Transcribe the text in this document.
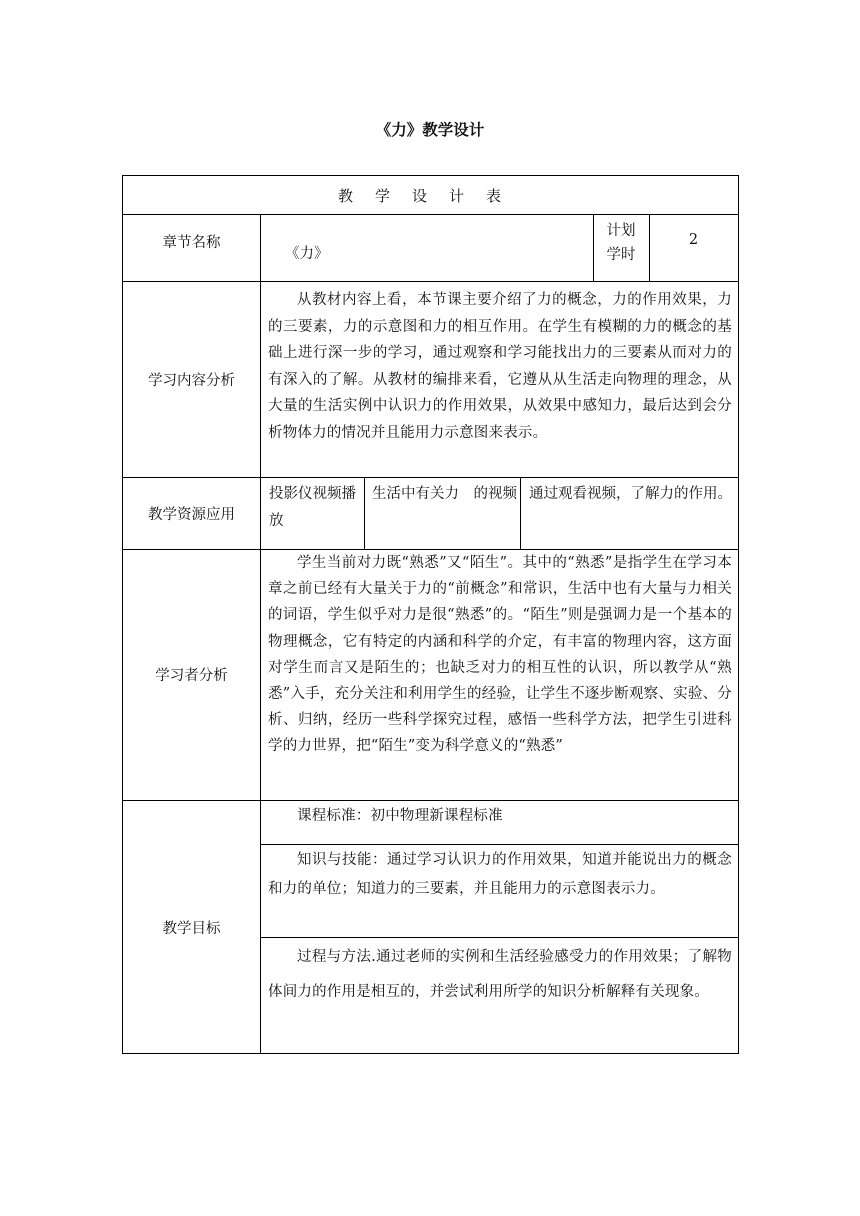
《力》教学设计
教学设计表
章节名称
《力》
计划
学时
2
学习内容分析
从教材内容上看，本节课主要介绍了力的概念，力的作用效果，力的三要素，力的示意图和力的相互作用。在学生有模糊的力的概念的基础上进行深一步的学习，通过观察和学习能找出力的三要素从而对力的有深入的了解。从教材的编排来看，它遵从从生活走向物理的理念，从大量的生活实例中认识力的作用效果，从效果中感知力，最后达到会分析物体力的情况并且能用力示意图来表示。
教学资源应用
投影仪视频播放
生活中有关力　的视频 通过观看视频，了解力的作用。
学习者分析
学生当前对力既“熟悉”又“陌生”。其中的“熟悉”是指学生在学习本章之前已经有大量关于力的“前概念”和常识，生活中也有大量与力相关的词语，学生似乎对力是很“熟悉”的。“陌生”则是强调力是一个基本的物理概念，它有特定的内涵和科学的介定，有丰富的物理内容，这方面对学生而言又是陌生的；也缺乏对力的相互性的认识，所以教学从“熟悉”入手，充分关注和利用学生的经验，让学生不逐步断观察、实验、分析、归纳，经历一些科学探究过程，感悟一些科学方法，把学生引进科学的力世界，把“陌生”变为科学意义的“熟悉”
教学目标
课程标准：初中物理新课程标准
知识与技能：通过学习认识力的作用效果，知道并能说出力的概念和力的单位；知道力的三要素，并且能用力的示意图表示力。
过程与方法.通过老师的实例和生活经验感受力的作用效果；了解物体间力的作用是相互的，并尝试利用所学的知识分析解释有关现象。
